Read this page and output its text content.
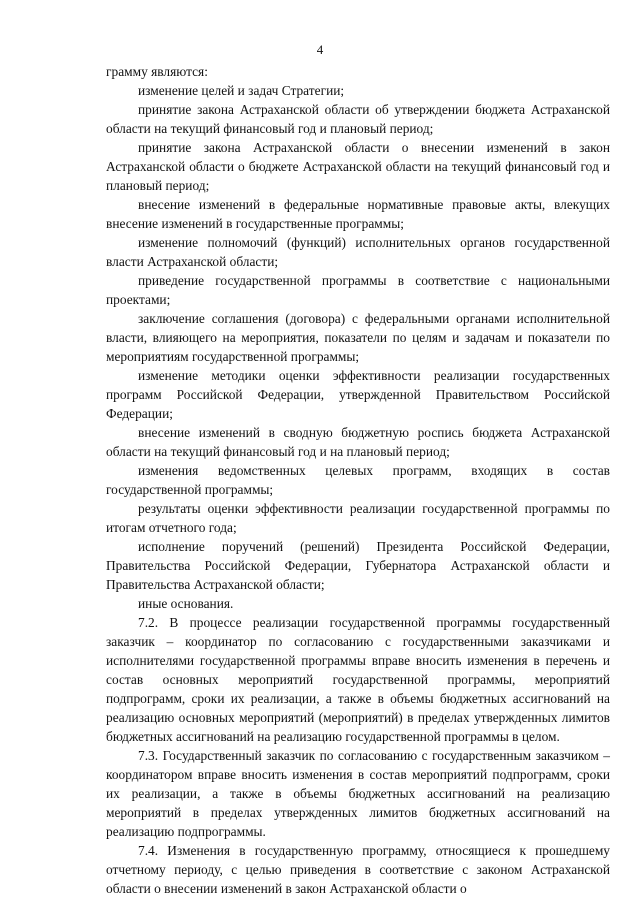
4

грамму являются:

изменение целей и задач Стратегии;

принятие закона Астраханской области об утверждении бюджета Астраханской области на текущий финансовый год и плановый период;

принятие закона Астраханской области о внесении изменений в закон Астраханской области о бюджете Астраханской области на текущий финансовый год и плановый период;

внесение изменений в федеральные нормативные правовые акты, влекущих внесение изменений в государственные программы;

изменение полномочий (функций) исполнительных органов государственной власти Астраханской области;

приведение государственной программы в соответствие с национальными проектами;

заключение соглашения (договора) с федеральными органами исполнительной власти, влияющего на мероприятия, показатели по целям и задачам и показатели по мероприятиям государственной программы;

изменение методики оценки эффективности реализации государственных программ Российской Федерации, утвержденной Правительством Российской Федерации;

внесение изменений в сводную бюджетную роспись бюджета Астраханской области на текущий финансовый год и на плановый период;

изменения ведомственных целевых программ, входящих в состав государственной программы;

результаты оценки эффективности реализации государственной программы по итогам отчетного года;

исполнение поручений (решений) Президента Российской Федерации, Правительства Российской Федерации, Губернатора Астраханской области и Правительства Астраханской области;

иные основания.

7.2. В процессе реализации государственной программы государственный заказчик – координатор по согласованию с государственными заказчиками и исполнителями государственной программы вправе вносить изменения в перечень и состав основных мероприятий государственной программы, мероприятий подпрограмм, сроки их реализации, а также в объемы бюджетных ассигнований на реализацию основных мероприятий (мероприятий) в пределах утвержденных лимитов бюджетных ассигнований на реализацию государственной программы в целом.

7.3. Государственный заказчик по согласованию с государственным заказчиком – координатором вправе вносить изменения в состав мероприятий подпрограмм, сроки их реализации, а также в объемы бюджетных ассигнований на реализацию мероприятий в пределах утвержденных лимитов бюджетных ассигнований на реализацию подпрограммы.

7.4. Изменения в государственную программу, относящиеся к прошедшему отчетному периоду, с целью приведения в соответствие с законом Астраханской области о внесении изменений в закон Астраханской области о
